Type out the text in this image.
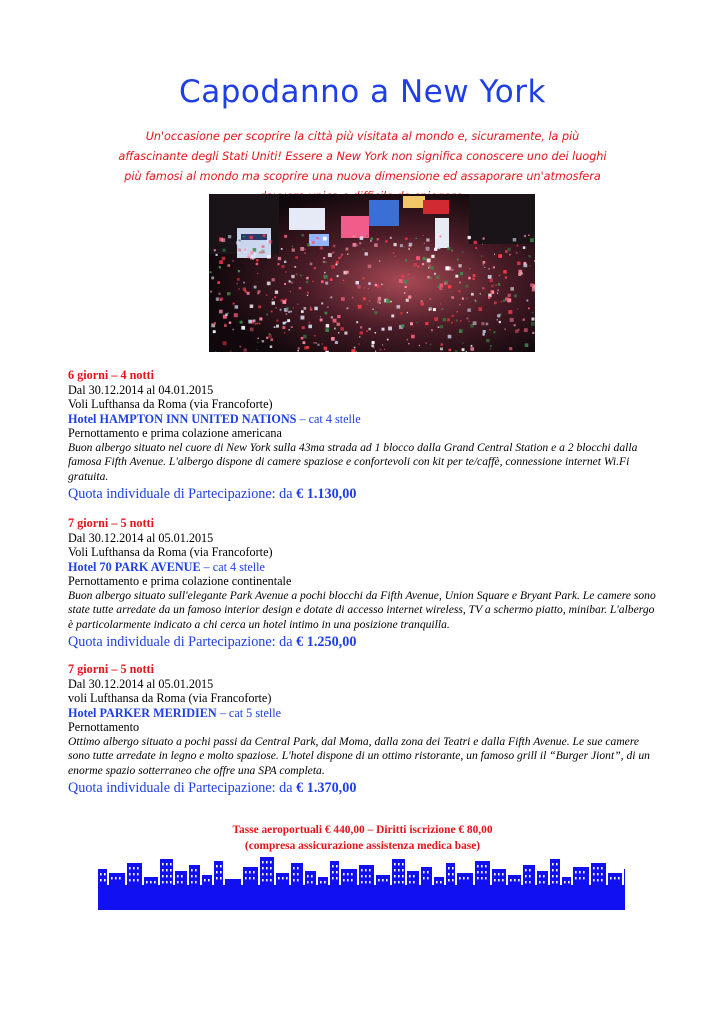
Capodanno a New York
Un'occasione per scoprire la città più visitata al mondo e, sicuramente, la più affascinante degli Stati Uniti! Essere a New York non significa conoscere uno dei luoghi più famosi al mondo ma scoprire una nuova dimensione ed assaporare un'atmosfera
6 giorni – 4 notti
Dal 30.12.2014 al 04.01.2015
Voli Lufthansa da Roma (via Francoforte)
Hotel HAMPTON INN UNITED NATIONS – cat 4 stelle
Pernottamento e prima colazione americana
Buon albergo situato nel cuore di New York sulla 43ma strada ad 1 blocco dalla Grand Central Station e a 2 blocchi dalla famosa Fifth Avenue. L'albergo dispone di camere spaziose e confortevoli con kit per te/caffè, connessione internet Wi.Fi gratuita.
Quota individuale di Partecipazione: da € 1.130,00
7 giorni – 5 notti
Dal 30.12.2014 al 05.01.2015
Voli Lufthansa da Roma (via Francoforte)
Hotel 70 PARK AVENUE – cat 4 stelle
Pernottamento e prima colazione continentale
Buon albergo situato sull'elegante Park Avenue a pochi blocchi da Fifth Avenue, Union Square e Bryant Park. Le camere sono state tutte arredate da un famoso interior design e dotate di accesso internet wireless, TV a schermo piatto, minibar. L'albergo è particolarmente indicato a chi cerca un hotel intimo in una posizione tranquilla.
Quota individuale di Partecipazione: da € 1.250,00
7 giorni – 5 notti
Dal 30.12.2014 al 05.01.2015
voli Lufthansa da Roma (via Francoforte)
Hotel PARKER MERIDIEN – cat 5 stelle
Pernottamento
Ottimo albergo situato a pochi passi da Central Park, dal Moma, dalla zona dei Teatri e dalla Fifth Avenue. Le sue camere sono tutte arredate in legno e molto spaziose. L'hotel dispone di un ottimo ristorante, un famoso grill il “Burger Jiont”, di un enorme spazio sotterraneo che offre una SPA completa.
Quota individuale di Partecipazione: da € 1.370,00
Tasse aeroportuali € 440,00 – Diritti iscrizione € 80,00
(compresa assicurazione assistenza medica base)
